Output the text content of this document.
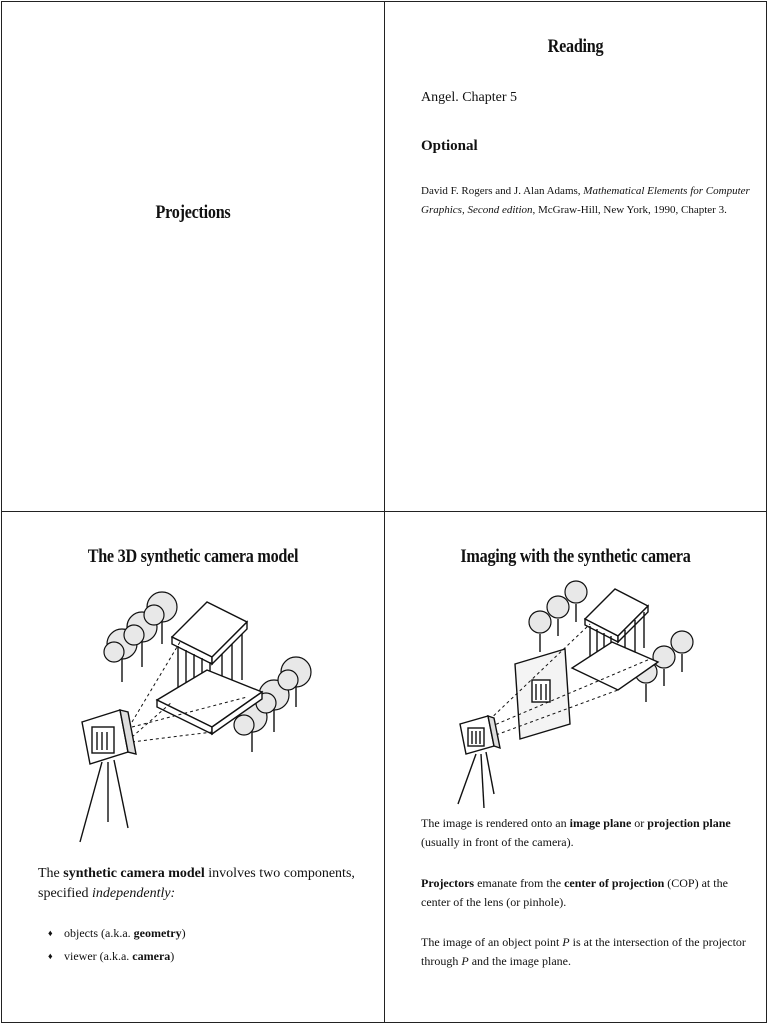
Projections
Reading
Angel. Chapter 5
Optional
David F. Rogers and J. Alan Adams, Mathematical Elements for Computer Graphics, Second edition, McGraw-Hill, New York, 1990, Chapter 3.
The 3D synthetic camera model
The synthetic camera model involves two components, specified independently:
♦ objects (a.k.a. geometry)
♦ viewer (a.k.a. camera)
Imaging with the synthetic camera
The image is rendered onto an image plane or projection plane (usually in front of the camera).
Projectors emanate from the center of projection (COP) at the center of the lens (or pinhole).
The image of an object point P is at the intersection of the projector through P and the image plane.
